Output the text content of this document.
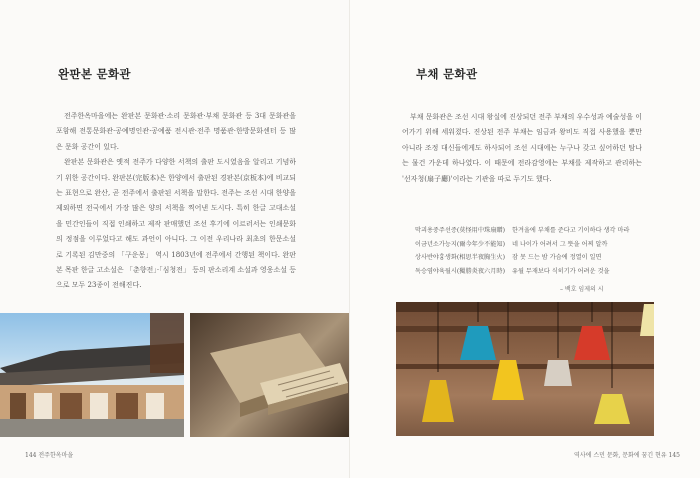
완판본 문화관

전주한옥마을에는 완판본 문화관·소리 문화관·부채 문화관 등 3대 문화관을 포함해 전통문화관·공예명인관·공예품 전시관·전주 명품관·한방문화센터 등 많은 문화 공간이 있다.

완판본 문화관은 옛적 전주가 다양한 서책의 출판 도시였음을 알리고 기념하기 위한 공간이다. 완판본(完版本)은 한양에서 출판된 경판본(京板本)에 비교되는 표현으로 완산, 곧 전주에서 출판된 서책을 말한다. 전주는 조선 시대 한양을 제외하면 전국에서 가장 많은 양의 서책을 찍어낸 도시다. 특히 한글 고대소설을 민간인들이 직접 인쇄하고 제작 판매했던 조선 후기에 이르러서는 인쇄문화의 정점을 이루었다고 해도 과언이 아니다. 그 이전 우리나라 최초의 한문소설로 기록된 김만중의 「구운몽」 역시 1803년에 전주에서 간행된 책이다. 완판본 목판 한글 고소설은 「춘향전」·「심청전」 등의 판소리계 소설과 영웅소설 등으로 모두 23종이 전해진다.

144 전주한옥마을
부채 문화관

부채 문화관은 조선 시대 왕실에 진상되던 전주 부채의 우수성과 예술성을 이어가기 위해 세워졌다. 진상된 전주 부채는 임금과 왕비도 직접 사용했을 뿐만 아니라 조정 대신들에게도 하사되어 조선 시대에는 누구나 갖고 싶어하던 탐나는 물건 가운데 하나였다. 이 때문에 전라감영에는 부채를 제작하고 관리하는 '선자청(扇子廳)'이라는 기관을 따로 두기도 했다.

막괴용중주선증(莫怪用中珠扇贈)
이금년소가능지(爾今年少不能知)
상사반야흉생화(相思半夜胸生火)
독승염야육월시(獨勝炎夜六月時)
한겨울에 부채를 준다고 기이하다 생각 마라
네 나이가 어려서 그 뜻을 어찌 알까
잠 못 드는 밤 가슴에 정열이 일면
유월 무재보다 식히기가 어려운 것을
– 백호 임제의 시
역사에 스민 문화, 문화에 꿈긴 현유 145
